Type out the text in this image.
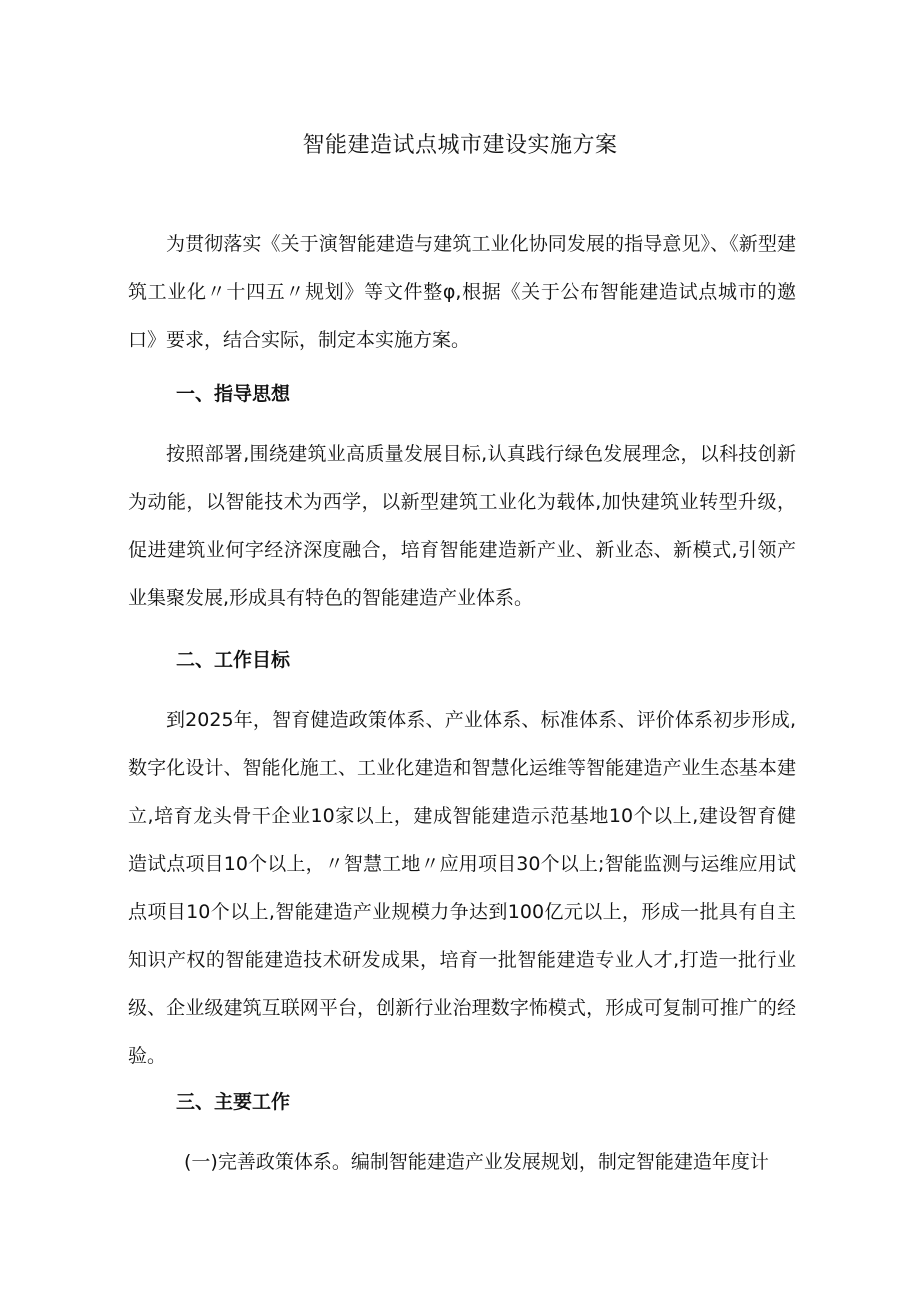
智能建造试点城市建设实施方案

为贯彻落实《关于演智能建造与建筑工业化协同发展的指导意见》、《新型建筑工业化〃十四五〃规划》等文件整φ,根据《关于公布智能建造试点城市的邀口》要求，结合实际，制定本实施方案。

一、指导思想

按照部署,围绕建筑业高质量发展目标,认真践行绿色发展理念，以科技创新为动能，以智能技术为西学，以新型建筑工业化为载体,加快建筑业转型升级，促进建筑业何字经济深度融合，培育智能建造新产业、新业态、新模式,引领产业集聚发展,形成具有特色的智能建造产业体系。

二、工作目标

到2025年，智育健造政策体系、产业体系、标准体系、评价体系初步形成,数字化设计、智能化施工、工业化建造和智慧化运维等智能建造产业生态基本建立,培育龙头骨干企业10家以上，建成智能建造示范基地10个以上,建设智育健造试点项目10个以上，〃智慧工地〃应用项目30个以上;智能监测与运维应用试点项目10个以上,智能建造产业规模力争达到100亿元以上，形成一批具有自主知识产权的智能建造技术研发成果，培育一批智能建造专业人才,打造一批行业级、企业级建筑互联网平台，创新行业治理数字怖模式，形成可复制可推广的经验。

三、主要工作

(一)完善政策体系。编制智能建造产业发展规划，制定智能建造年度计
